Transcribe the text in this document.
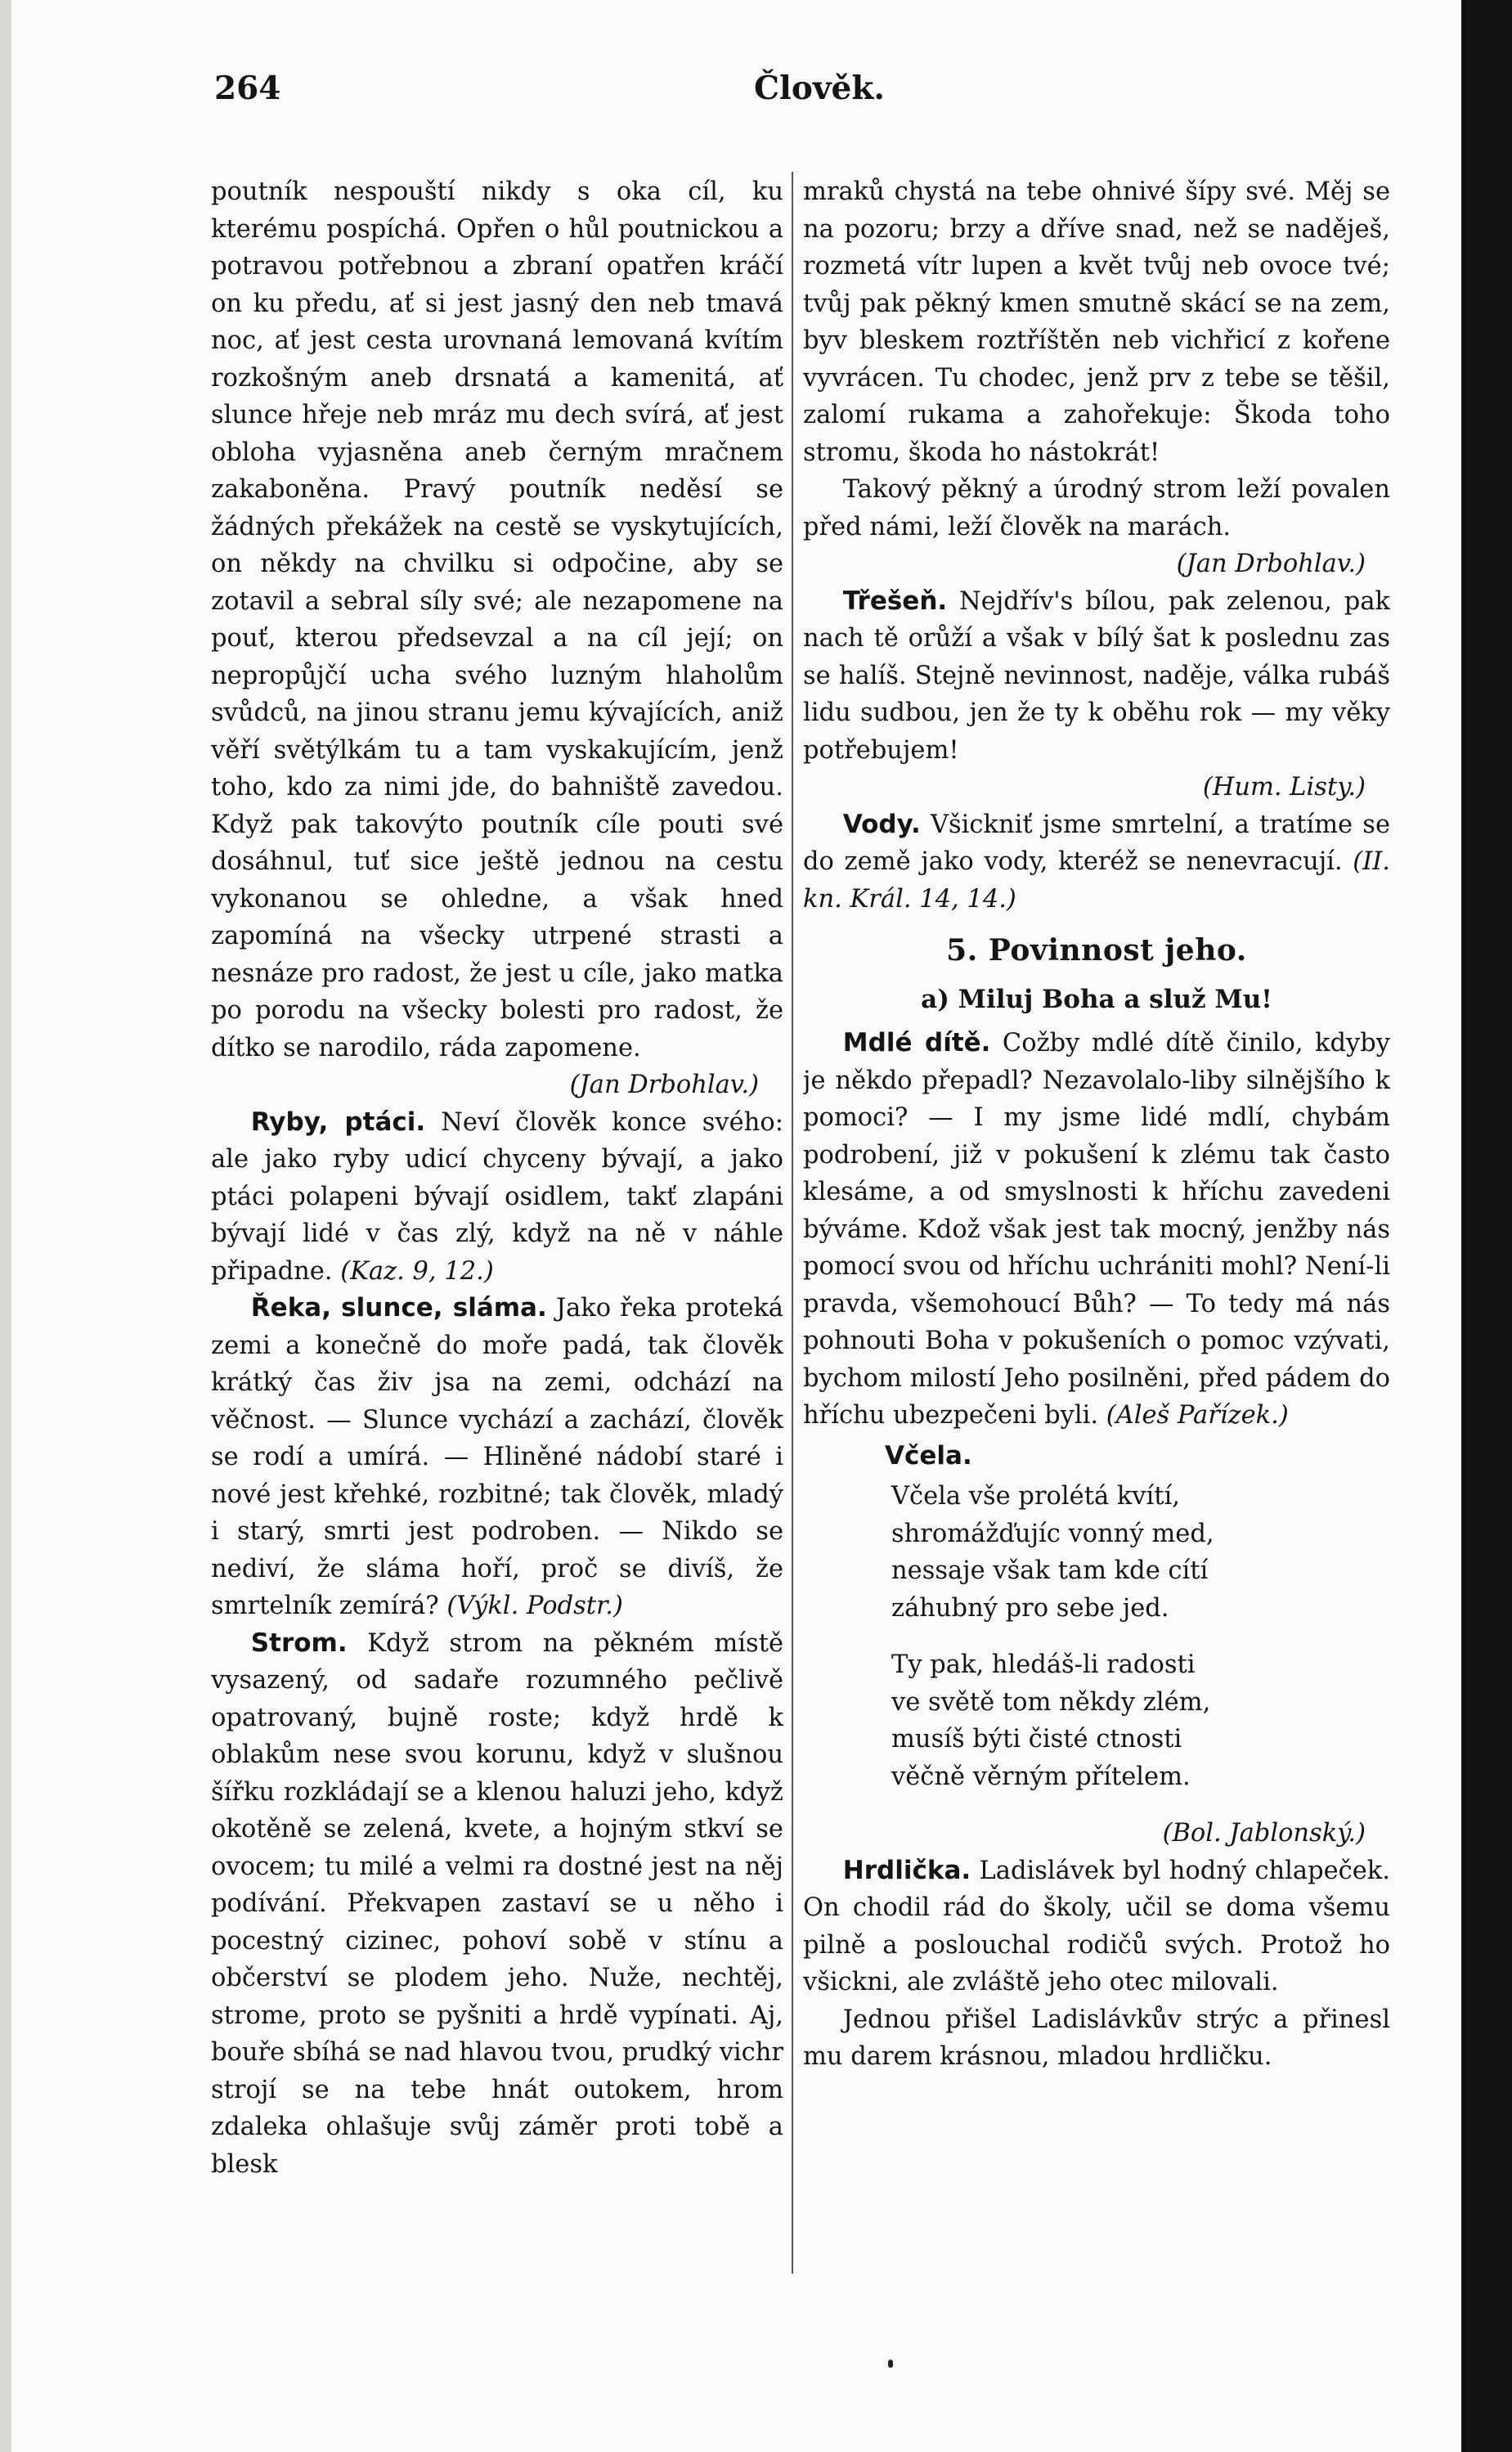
264	Člověk.

poutník nespouští nikdy s oka cíl, ku kterému pospíchá. Opřen o hůl poutnickou a potravou potřebnou a zbraní opatřen kráčí on ku předu, ať si jest jasný den neb tmavá noc, ať jest cesta urovnaná lemovaná kvítím rozkošným aneb drsnatá a kamenitá, ať slunce hřeje neb mráz mu dech svírá, ať jest obloha vyjasněna aneb černým mračnem zakaboněna. Pravý poutník neděsí se žádných překážek na cestě se vyskytujících, on někdy na chvilku si odpočine, aby se zotavil a sebral síly své; ale nezapomene na pouť, kterou předsevzal a na cíl její; on nepropůjčí ucha svého luzným hlaholům svůdců, na jinou stranu jemu kývajících, aniž věří světýlkám tu a tam vyskakujícím, jenž toho, kdo za nimi jde, do bahniště zavedou. Když pak takovýto poutník cíle pouti své dosáhnul, tuť sice ještě jednou na cestu vykonanou se ohledne, a však hned zapomíná na všecky utrpené strasti a nesnáze pro radost, že jest u cíle, jako matka po porodu na všecky bolesti pro radost, že dítko se narodilo, ráda zapomene.
(Jan Drbohlav.)

Ryby, ptáci. Neví člověk konce svého: ale jako ryby udicí chyceny bývají, a jako ptáci polapeni bývají osidlem, takť zlapáni bývají lidé v čas zlý, když na ně v náhle připadne. (Kaz. 9, 12.)

Řeka, slunce, sláma. Jako řeka proteká zemi a konečně do moře padá, tak člověk krátký čas živ jsa na zemi, odchází na věčnost. — Slunce vychází a zachází, člověk se rodí a umírá. — Hliněné nádobí staré i nové jest křehké, rozbitné; tak člověk, mladý i starý, smrti jest podroben. — Nikdo se nediví, že sláma hoří, proč se divíš, že smrtelník zemírá? (Výkl. Podstr.)

Strom. Když strom na pěkném místě vysazený, od sadaře rozumného pečlivě opatrovaný, bujně roste; když hrdě k oblakům nese svou korunu, když v slušnou šířku rozkládají se a klenou haluzi jeho, když okotěně se zelená, kvete, a hojným stkví se ovocem; tu milé a velmi ra dostné jest na něj podívání. Překvapen zastaví se u něho i pocestný cizinec, pohoví sobě v stínu a občerství se plodem jeho. Nuže, nechtěj, strome, proto se pyšniti a hrdě vypínati. Aj, bouře sbíhá se nad hlavou tvou, prudký vichr strojí se na tebe hnát outokem, hrom zdaleka ohlašuje svůj záměr proti tobě a blesk

mraků chystá na tebe ohnivé šípy své. Měj se na pozoru; brzy a dříve snad, než se naděješ, rozmetá vítr lupen a květ tvůj neb ovoce tvé; tvůj pak pěkný kmen smutně skácí se na zem, byv bleskem roztříštěn neb vichřicí z kořene vyvrácen. Tu chodec, jenž prv z tebe se těšil, zalomí rukama a zahořekuje: Škoda toho stromu, škoda ho nástokrát!

Takový pěkný a úrodný strom leží povalen před námi, leží člověk na marách.
(Jan Drbohlav.)

Třešeň. Nejdřív's bílou, pak zelenou, pak nach tě orůží a však v bílý šat k poslednu zas se halíš. Stejně nevinnost, naděje, válka rubáš lidu sudbou, jen že ty k oběhu rok — my věky potřebujem!
(Hum. Listy.)

Vody. Všickniť jsme smrtelní, a tratíme se do země jako vody, kteréž se nenevracují. (II. kn. Král. 14, 14.)

5. Povinnost jeho.
a) Miluj Boha a služ Mu!

Mdlé dítě. Cožby mdlé dítě činilo, kdyby je někdo přepadl? Nezavolalo-liby silnějšího k pomoci? — I my jsme lidé mdlí, chybám podrobení, již v pokušení k zlému tak často klesáme, a od smyslnosti k hříchu zavedeni býváme. Kdož však jest tak mocný, jenžby nás pomocí svou od hříchu uchrániti mohl? Není-li pravda, všemohoucí Bůh? — To tedy má nás pohnouti Boha v pokušeních o pomoc vzývati, bychom milostí Jeho posilněni, před pádem do hříchu ubezpečeni byli. (Aleš Pařízek.)

Včela.
Včela vše prolétá kvítí,
shromážďujíc vonný med,
nessaje však tam kde cítí
záhubný pro sebe jed.
Ty pak, hledáš-li radosti
ve světě tom někdy zlém,
musíš býti čisté ctnosti
věčně věrným přítelem.
(Bol. Jablonský.)

Hrdlička. Ladislávek byl hodný chlapeček. On chodil rád do školy, učil se doma všemu pilně a poslouchal rodičů svých. Protož ho všickni, ale zvláště jeho otec milovali.

Jednou přišel Ladislávkův strýc a přinesl mu darem krásnou, mladou hrdličku.
